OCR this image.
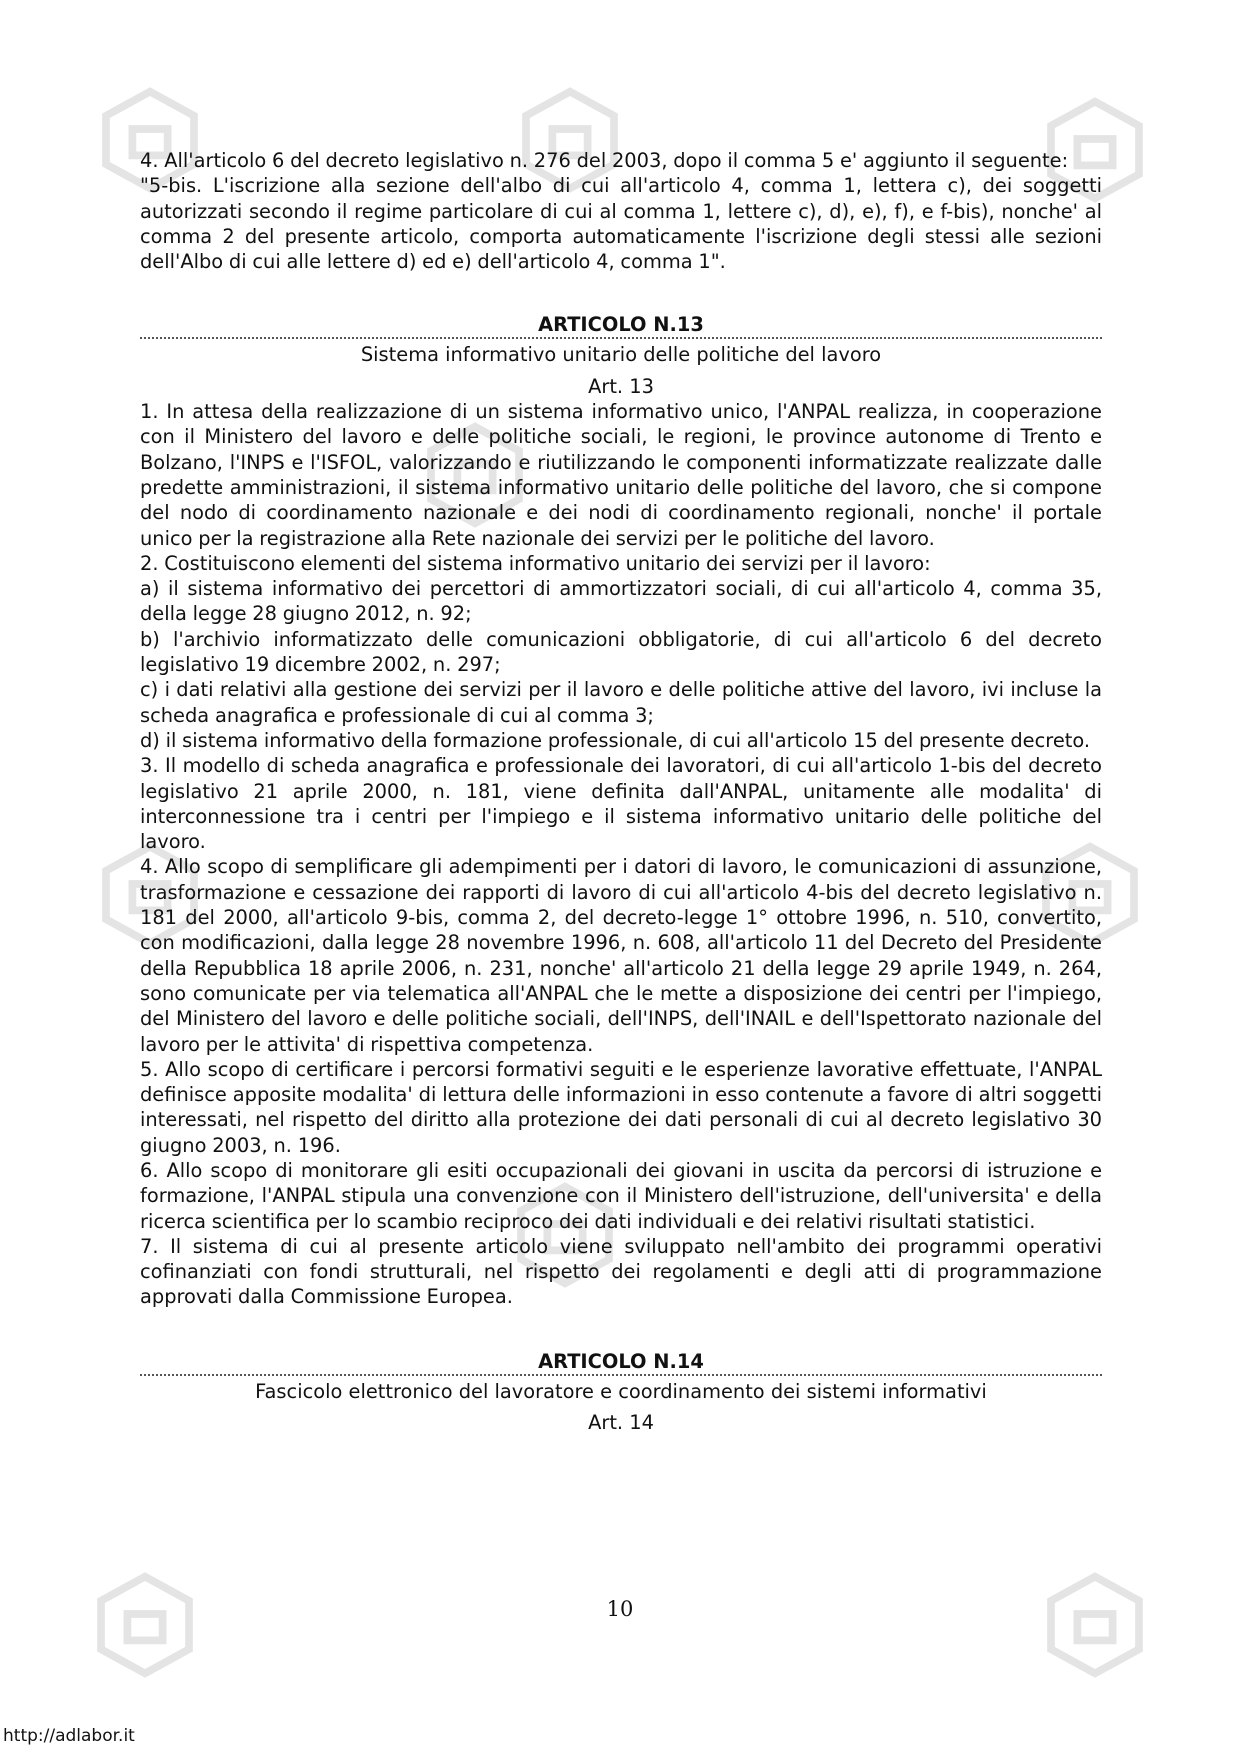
4. All'articolo 6 del decreto legislativo n. 276 del 2003, dopo il comma 5 e' aggiunto il seguente:

"5-bis. L'iscrizione alla sezione dell'albo di cui all'articolo 4, comma 1, lettera c), dei soggetti autorizzati secondo il regime particolare di cui al comma 1, lettere c), d), e), f), e f-bis), nonche' al comma 2 del presente articolo, comporta automaticamente l'iscrizione degli stessi alle sezioni dell'Albo di cui alle lettere d) ed e) dell'articolo 4, comma 1".

ARTICOLO N.13

Sistema informativo unitario delle politiche del lavoro

Art. 13

1. In attesa della realizzazione di un sistema informativo unico, l'ANPAL realizza, in cooperazione con il Ministero del lavoro e delle politiche sociali, le regioni, le province autonome di Trento e Bolzano, l'INPS e l'ISFOL, valorizzando e riutilizzando le componenti informatizzate realizzate dalle predette amministrazioni, il sistema informativo unitario delle politiche del lavoro, che si compone del nodo di coordinamento nazionale e dei nodi di coordinamento regionali, nonche' il portale unico per la registrazione alla Rete nazionale dei servizi per le politiche del lavoro.

2. Costituiscono elementi del sistema informativo unitario dei servizi per il lavoro:

a) il sistema informativo dei percettori di ammortizzatori sociali, di cui all'articolo 4, comma 35, della legge 28 giugno 2012, n. 92;

b) l'archivio informatizzato delle comunicazioni obbligatorie, di cui all'articolo 6 del decreto legislativo 19 dicembre 2002, n. 297;

c) i dati relativi alla gestione dei servizi per il lavoro e delle politiche attive del lavoro, ivi incluse la scheda anagrafica e professionale di cui al comma 3;

d) il sistema informativo della formazione professionale, di cui all'articolo 15 del presente decreto.

3. Il modello di scheda anagrafica e professionale dei lavoratori, di cui all'articolo 1-bis del decreto legislativo 21 aprile 2000, n. 181, viene definita dall'ANPAL, unitamente alle modalita' di interconnessione tra i centri per l'impiego e il sistema informativo unitario delle politiche del lavoro.

4. Allo scopo di semplificare gli adempimenti per i datori di lavoro, le comunicazioni di assunzione, trasformazione e cessazione dei rapporti di lavoro di cui all'articolo 4-bis del decreto legislativo n. 181 del 2000, all'articolo 9-bis, comma 2, del decreto-legge 1° ottobre 1996, n. 510, convertito, con modificazioni, dalla legge 28 novembre 1996, n. 608, all'articolo 11 del Decreto del Presidente della Repubblica 18 aprile 2006, n. 231, nonche' all'articolo 21 della legge 29 aprile 1949, n. 264, sono comunicate per via telematica all'ANPAL che le mette a disposizione dei centri per l'impiego, del Ministero del lavoro e delle politiche sociali, dell'INPS, dell'INAIL e dell'Ispettorato nazionale del lavoro per le attivita' di rispettiva competenza.

5. Allo scopo di certificare i percorsi formativi seguiti e le esperienze lavorative effettuate, l'ANPAL definisce apposite modalita' di lettura delle informazioni in esso contenute a favore di altri soggetti interessati, nel rispetto del diritto alla protezione dei dati personali di cui al decreto legislativo 30 giugno 2003, n. 196.

6. Allo scopo di monitorare gli esiti occupazionali dei giovani in uscita da percorsi di istruzione e formazione, l'ANPAL stipula una convenzione con il Ministero dell'istruzione, dell'universita' e della ricerca scientifica per lo scambio reciproco dei dati individuali e dei relativi risultati statistici.

7. Il sistema di cui al presente articolo viene sviluppato nell'ambito dei programmi operativi cofinanziati con fondi strutturali, nel rispetto dei regolamenti e degli atti di programmazione approvati dalla Commissione Europea.

ARTICOLO N.14

Fascicolo elettronico del lavoratore e coordinamento dei sistemi informativi

Art. 14

10
http://adlabor.it
